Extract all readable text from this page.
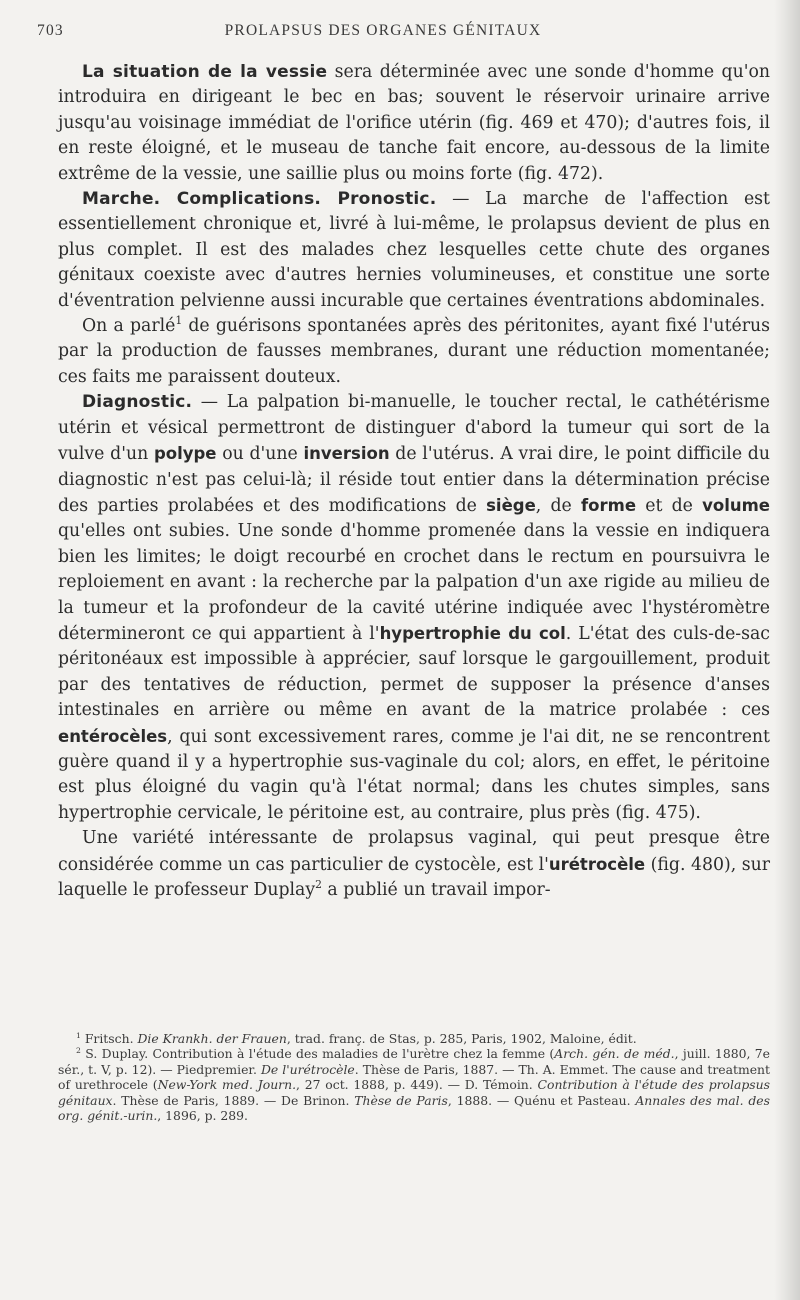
703	PROLAPSUS DES ORGANES GÉNITAUX

La situation de la vessie sera déterminée avec une sonde d'homme qu'on introduira en dirigeant le bec en bas; souvent le réservoir urinaire arrive jusqu'au voisinage immédiat de l'orifice utérin (fig. 469 et 470); d'autres fois, il en reste éloigné, et le museau de tanche fait encore, au-dessous de la limite extrême de la vessie, une saillie plus ou moins forte (fig. 472).

Marche. Complications. Pronostic. — La marche de l'affection est essentiellement chronique et, livré à lui-même, le prolapsus devient de plus en plus complet. Il est des malades chez lesquelles cette chute des organes génitaux coexiste avec d'autres hernies volumineuses, et constitue une sorte d'éventration pelvienne aussi incurable que certaines éventrations abdominales.

On a parlé$^1$ de guérisons spontanées après des péritonites, ayant fixé l'utérus par la production de fausses membranes, durant une réduction momentanée; ces faits me paraissent douteux.

Diagnostic. — La palpation bi-manuelle, le toucher rectal, le cathétérisme utérin et vésical permettront de distinguer d'abord la tumeur qui sort de la vulve d'un polype ou d'une inversion de l'utérus. A vrai dire, le point difficile du diagnostic n'est pas celui-là; il réside tout entier dans la détermination précise des parties prolabées et des modifications de siège, de forme et de volume qu'elles ont subies. Une sonde d'homme promenée dans la vessie en indiquera bien les limites; le doigt recourbé en crochet dans le rectum en poursuivra le reploiement en avant : la recherche par la palpation d'un axe rigide au milieu de la tumeur et la profondeur de la cavité utérine indiquée avec l'hystéromètre détermineront ce qui appartient à l'hypertrophie du col. L'état des culs-de-sac péritonéaux est impossible à apprécier, sauf lorsque le gargouillement, produit par des tentatives de réduction, permet de supposer la présence d'anses intestinales en arrière ou même en avant de la matrice prolabée : ces entérocèles, qui sont excessivement rares, comme je l'ai dit, ne se rencontrent guère quand il y a hypertrophie sus-vaginale du col; alors, en effet, le péritoine est plus éloigné du vagin qu'à l'état normal; dans les chutes simples, sans hypertrophie cervicale, le péritoine est, au contraire, plus près (fig. 475).

Une variété intéressante de prolapsus vaginal, qui peut presque être considérée comme un cas particulier de cystocèle, est l'urétrocèle (fig. 480), sur laquelle le professeur Duplay$^2$ a publié un travail impor-

$^1$ Fritsch. Die Krankh. der Frauen, trad. franç. de Stas, p. 285, Paris, 1902, Maloine, édit.

$^2$ S. Duplay. Contribution à l'étude des maladies de l'urètre chez la femme (Arch. gén. de méd., juill. 1880, 7e sér., t. V, p. 12). — Piedpremier. De l'urétrocèle. Thèse de Paris, 1887. — Th. A. Emmet. The cause and treatment of urethrocele (New-York med. Journ., 27 oct. 1888, p. 449). — D. Témoin. Contribution à l'étude des prolapsus génitaux. Thèse de Paris, 1889. — De Brinon. Thèse de Paris, 1888. — Quénu et Pasteau. Annales des mal. des org. génit.-urin., 1896, p. 289.
